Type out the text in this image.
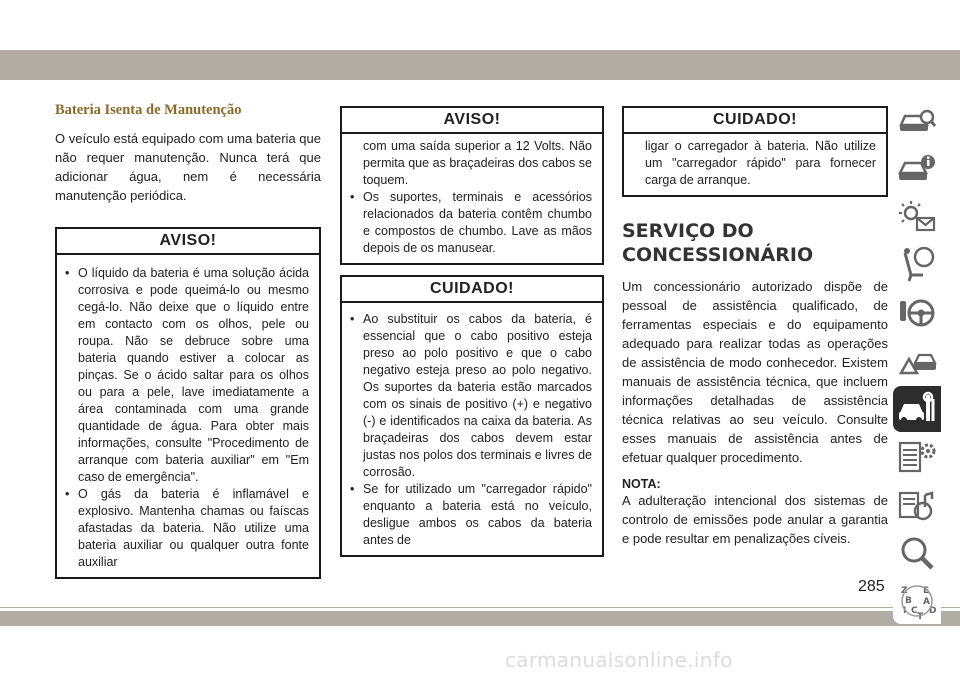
Bateria Isenta de Manutenção

O veículo está equipado com uma bateria que não requer manutenção. Nunca terá que adicionar água, nem é necessária manutenção periódica.

AVISO!
• O líquido da bateria é uma solução ácida corrosiva e pode queimá-lo ou mesmo cegá-lo. Não deixe que o líquido entre em contacto com os olhos, pele ou roupa. Não se debruce sobre uma bateria quando estiver a colocar as pinças. Se o ácido saltar para os olhos ou para a pele, lave imediatamente a área contaminada com uma grande quantidade de água. Para obter mais informações, consulte "Procedimento de arranque com bateria auxiliar" em "Em caso de emergência".
• O gás da bateria é inflamável e explosivo. Mantenha chamas ou faíscas afastadas da bateria. Não utilize uma bateria auxiliar ou qualquer outra fonte auxiliar
AVISO!
com uma saída superior a 12 Volts. Não permita que as braçadeiras dos cabos se toquem.
• Os suportes, terminais e acessórios relacionados da bateria contêm chumbo e compostos de chumbo. Lave as mãos depois de os manusear.
CUIDADO!
• Ao substituir os cabos da bateria, é essencial que o cabo positivo esteja preso ao polo positivo e que o cabo negativo esteja preso ao polo negativo. Os suportes da bateria estão marcados com os sinais de positivo (+) e negativo (-) e identificados na caixa da bateria. As braçadeiras dos cabos devem estar justas nos polos dos terminais e livres de corrosão.
• Se for utilizado um "carregador rápido" enquanto a bateria está no veículo, desligue ambos os cabos da bateria antes de
CUIDADO!
ligar o carregador à bateria. Não utilize um "carregador rápido" para fornecer carga de arranque.
SERVIÇO DO
CONCESSIONÁRIO

Um concessionário autorizado dispõe de pessoal de assistência qualificado, de ferramentas especiais e do equipamento adequado para realizar todas as operações de assistência de modo conhecedor. Existem manuais de assistência técnica, que incluem informações detalhadas de assistência técnica relativas ao seu veículo. Consulte esses manuais de assistência antes de efetuar qualquer procedimento.

NOTA:

A adulteração intencional dos sistemas de controlo de emissões pode anular a garantia e pode resultar em penalizações cíveis.

Z E
B A
I C D
T
285
carmanualsonline.info
